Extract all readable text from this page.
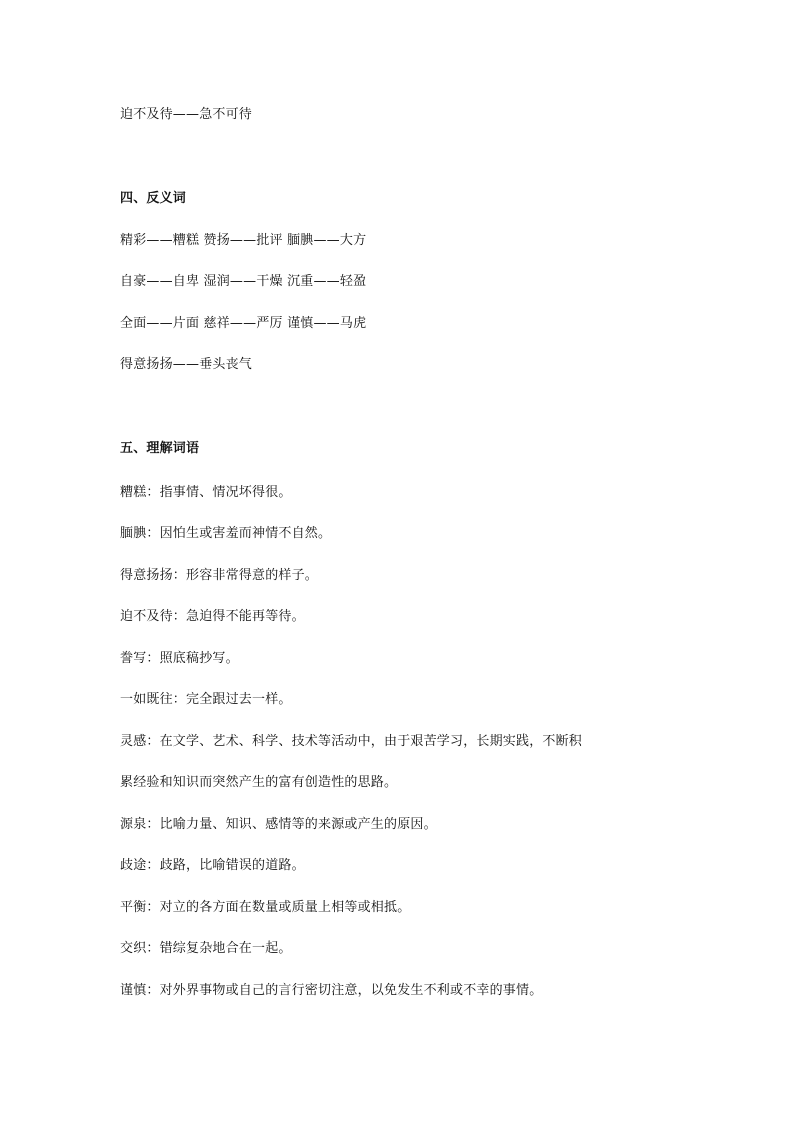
迫不及待——急不可待
四、反义词
精彩——糟糕 赞扬——批评 腼腆——大方
自豪——自卑 湿润——干燥 沉重——轻盈
全面——片面 慈祥——严厉 谨慎——马虎
得意扬扬——垂头丧气
五、理解词语
糟糕：指事情、情况坏得很。
腼腆：因怕生或害羞而神情不自然。
得意扬扬：形容非常得意的样子。
迫不及待：急迫得不能再等待。
誊写：照底稿抄写。
一如既往：完全跟过去一样。
灵感：在文学、艺术、科学、技术等活动中，由于艰苦学习，长期实践，不断积
累经验和知识而突然产生的富有创造性的思路。
源泉：比喻力量、知识、感情等的来源或产生的原因。
歧途：歧路，比喻错误的道路。
平衡：对立的各方面在数量或质量上相等或相抵。
交织：错综复杂地合在一起。
谨慎：对外界事物或自己的言行密切注意，以免发生不利或不幸的事情。
